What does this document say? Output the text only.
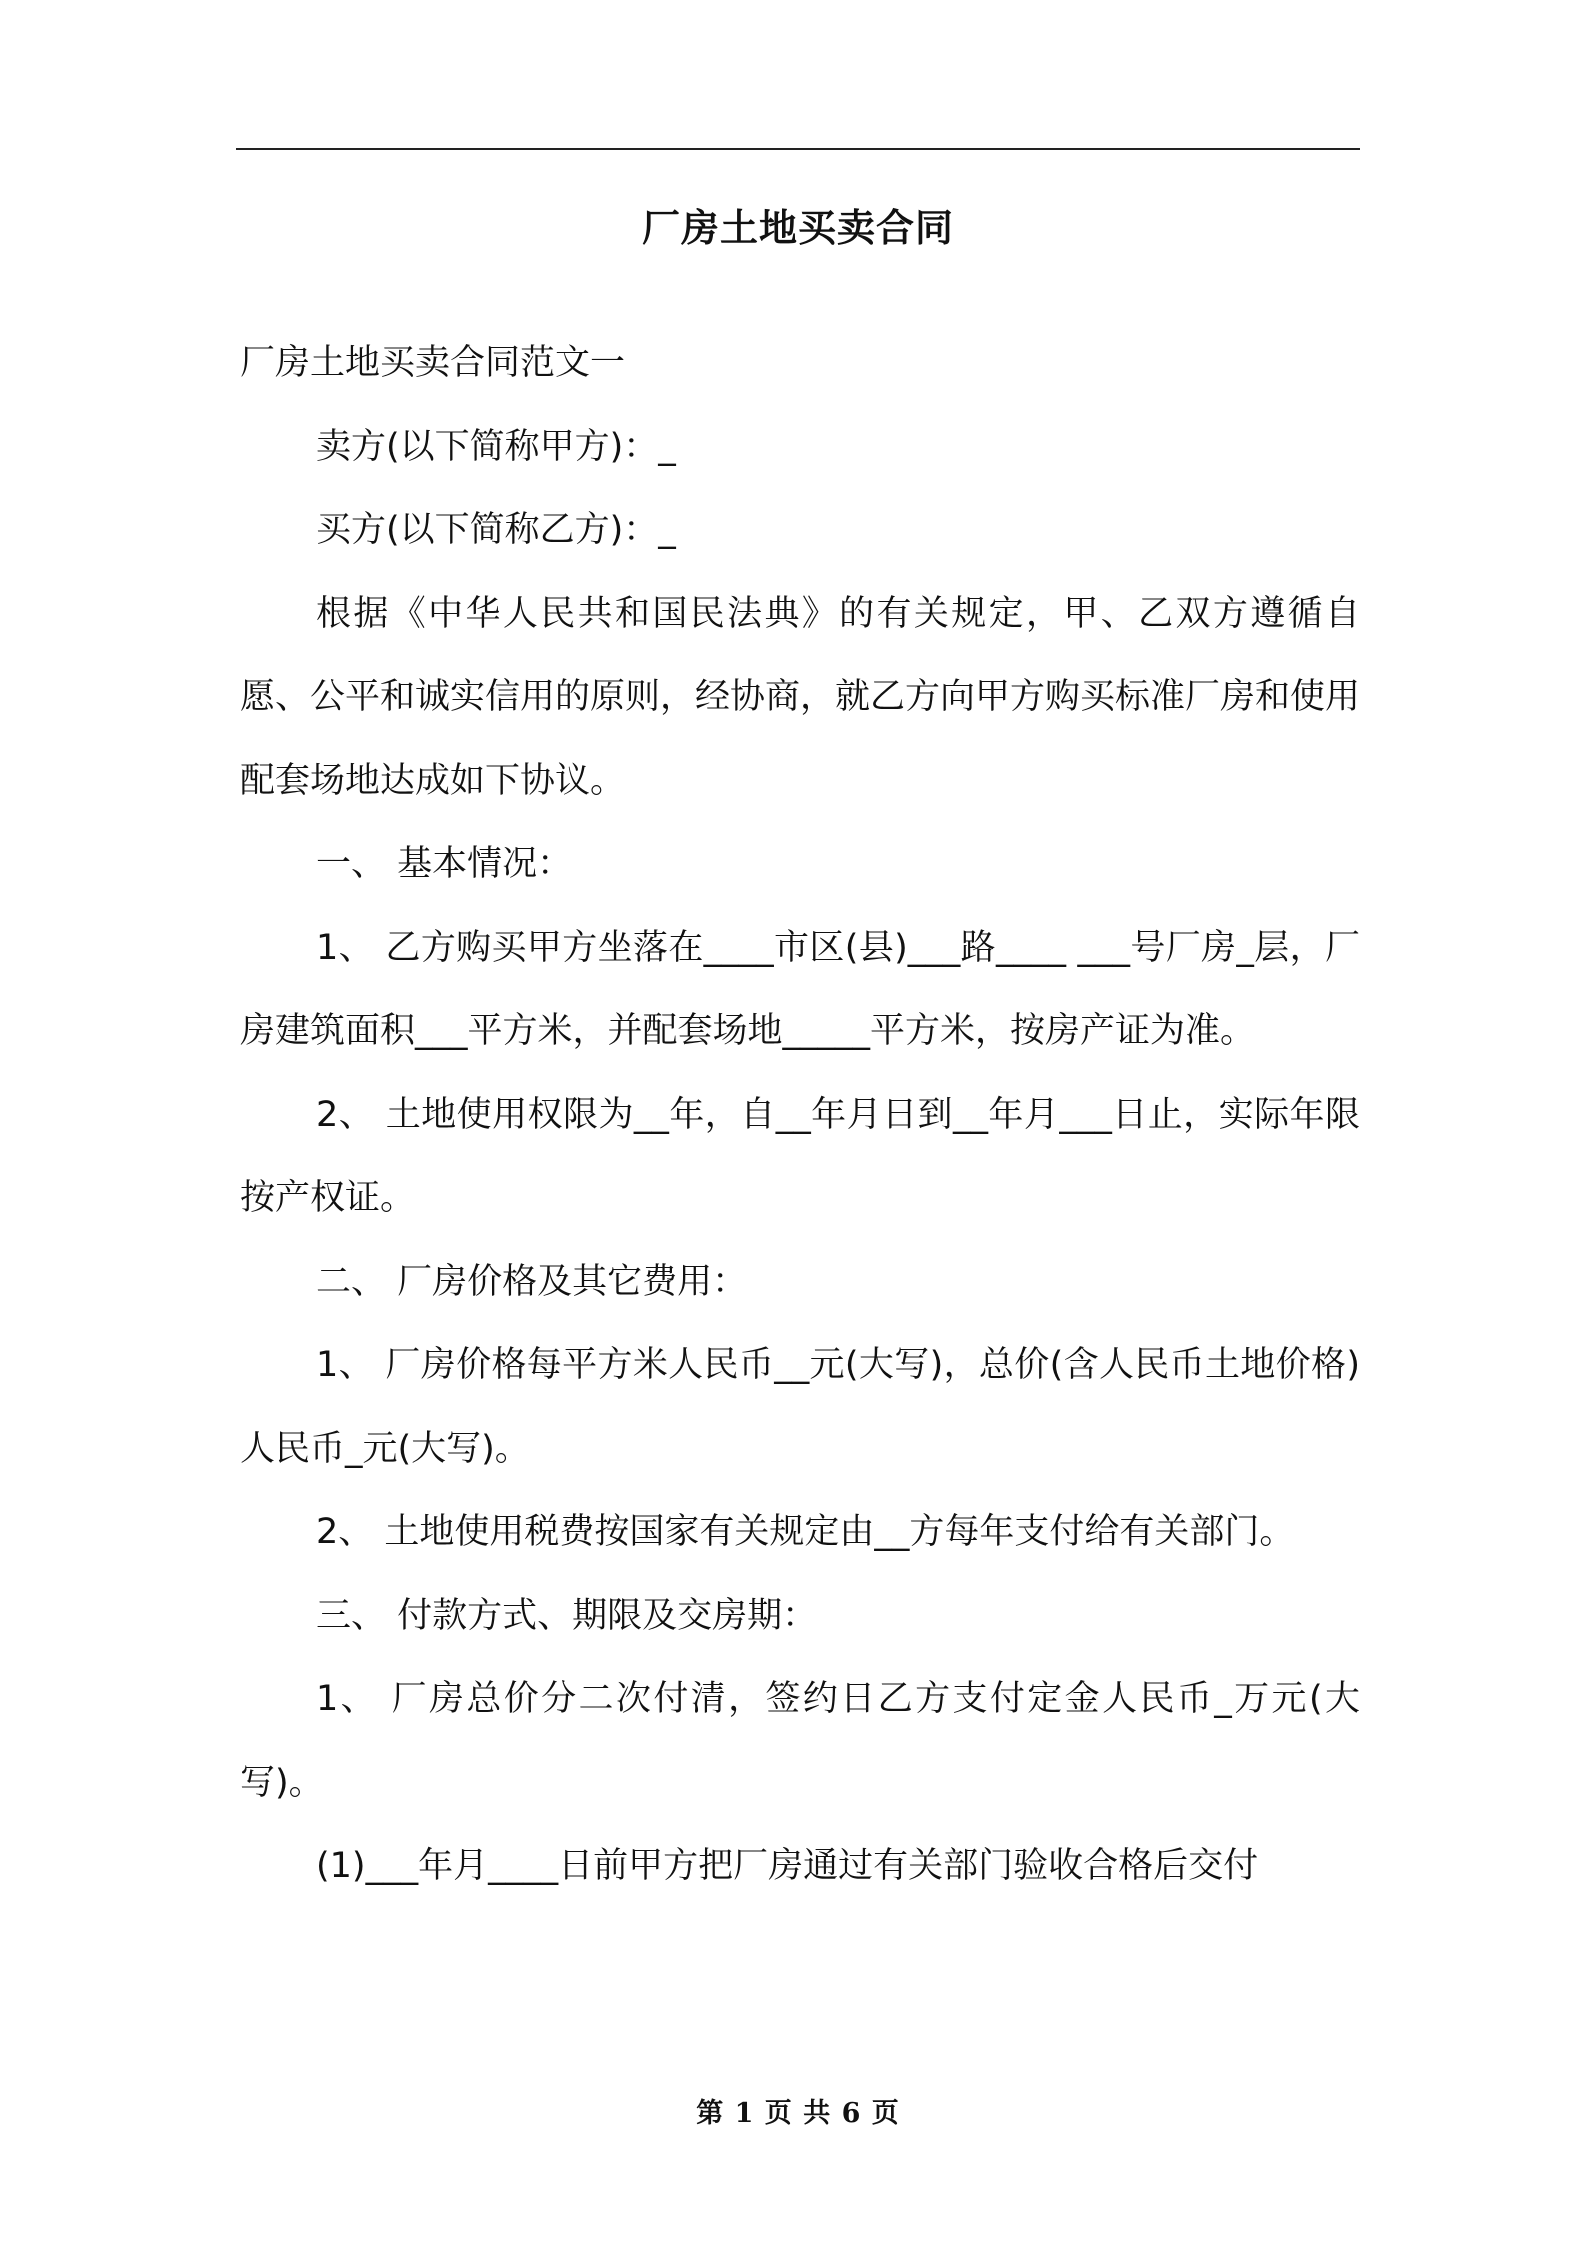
厂房土地买卖合同

厂房土地买卖合同范文一

卖方(以下简称甲方)：_

买方(以下简称乙方)：_

根据《中华人民共和国民法典》的有关规定，甲、乙双方遵循自愿、公平和诚实信用的原则，经协商，就乙方向甲方购买标准厂房和使用配套场地达成如下协议。

一、 基本情况：

1、 乙方购买甲方坐落在____市区(县)___路____ ___号厂房_层，厂房建筑面积___平方米，并配套场地_____平方米，按房产证为准。

2、 土地使用权限为__年，自__年月日到__年月___日止，实际年限按产权证。

二、 厂房价格及其它费用：

1、 厂房价格每平方米人民币__元(大写)，总价(含人民币土地价格)人民币_元(大写)。

2、 土地使用税费按国家有关规定由__方每年支付给有关部门。

三、 付款方式、期限及交房期：

1、 厂房总价分二次付清，签约日乙方支付定金人民币_万元(大写)。

(1)___年月____日前甲方把厂房通过有关部门验收合格后交付

第 1 页 共 6 页
